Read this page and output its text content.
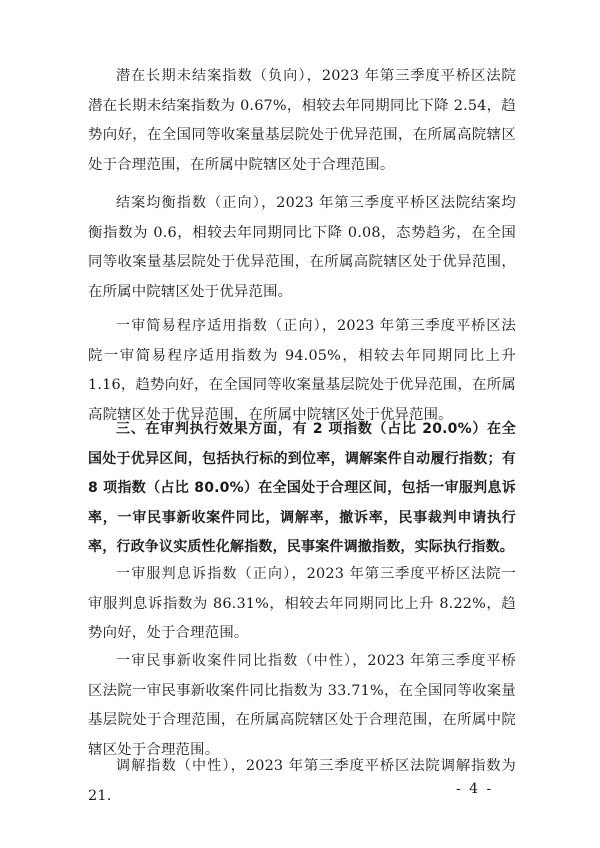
潜在长期未结案指数（负向），2023 年第三季度平桥区法院潜在长期未结案指数为 0.67%，相较去年同期同比下降 2.54，趋势向好，在全国同等收案量基层院处于优异范围，在所属高院辖区处于合理范围，在所属中院辖区处于合理范围。

结案均衡指数（正向），2023 年第三季度平桥区法院结案均衡指数为 0.6，相较去年同期同比下降 0.08，态势趋劣，在全国同等收案量基层院处于优异范围，在所属高院辖区处于优异范围，在所属中院辖区处于优异范围。

一审简易程序适用指数（正向），2023 年第三季度平桥区法院一审简易程序适用指数为 94.05%，相较去年同期同比上升 1.16，趋势向好，在全国同等收案量基层院处于优异范围，在所属高院辖区处于优异范围，在所属中院辖区处于优异范围。

三、在审判执行效果方面，有 2 项指数（占比 20.0%）在全国处于优异区间，包括执行标的到位率，调解案件自动履行指数；有 8 项指数（占比 80.0%）在全国处于合理区间，包括一审服判息诉率，一审民事新收案件同比，调解率，撤诉率，民事裁判申请执行率，行政争议实质性化解指数，民事案件调撤指数，实际执行指数。

一审服判息诉指数（正向），2023 年第三季度平桥区法院一审服判息诉指数为 86.31%，相较去年同期同比上升 8.22%，趋势向好，处于合理范围。

一审民事新收案件同比指数（中性），2023 年第三季度平桥区法院一审民事新收案件同比指数为 33.71%，在全国同等收案量基层院处于合理范围，在所属高院辖区处于合理范围，在所属中院辖区处于合理范围。

调解指数（中性），2023 年第三季度平桥区法院调解指数为 21.	- 4 -
